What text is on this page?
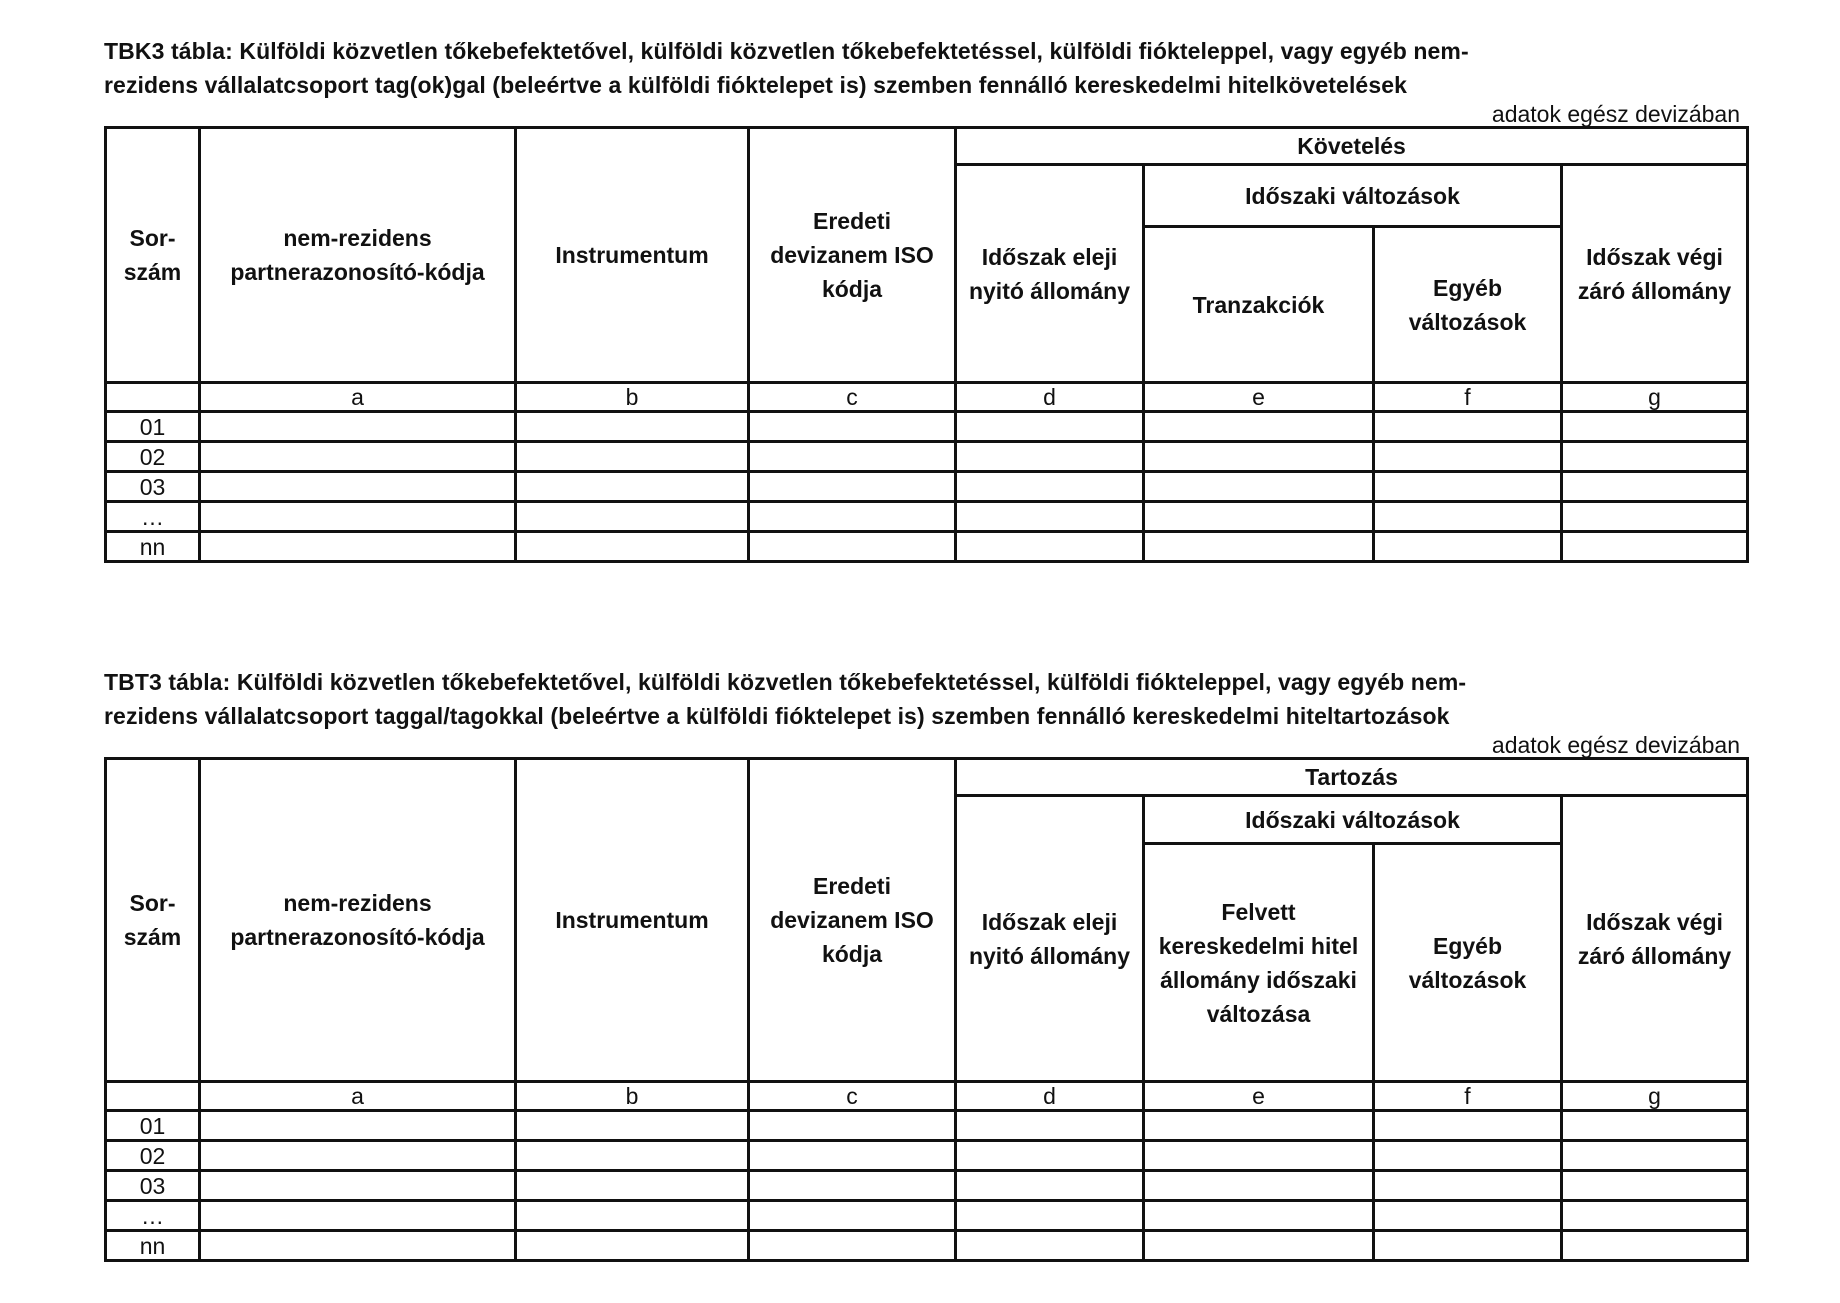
TBK3 tábla: Külföldi közvetlen tőkebefektetővel, külföldi közvetlen tőkebefektetéssel, külföldi fiókteleppel, vagy egyéb nem-

rezidens vállalatcsoport tag(ok)gal (beleértve a külföldi fióktelepet is) szemben fennálló kereskedelmi hitelkövetelések

adatok egész devizában

Sor-szám	nem-rezidens partnerazonosító-kódja	Instrumentum	Eredeti devizanem ISO kódja	Követelés			

				Időszak eleji nyitó állomány	Időszaki változások		Időszak végi záró állomány

					Tranzakciók	Egyéb változások	

	a	b	c	d	e	f	g
01							
02							
03							
…							
nn							

TBT3 tábla: Külföldi közvetlen tőkebefektetővel, külföldi közvetlen tőkebefektetéssel, külföldi fiókteleppel, vagy egyéb nem-

rezidens vállalatcsoport taggal/tagokkal (beleértve a külföldi fióktelepet is) szemben fennálló kereskedelmi hiteltartozások

adatok egész devizában

Sor-szám	nem-rezidens partnerazonosító-kódja	Instrumentum	Eredeti devizanem ISO kódja	Tartozás			

				Időszak eleji nyitó állomány	Időszaki változások		Időszak végi záró állomány

					Felvett kereskedelmi hitel állomány időszaki változása	Egyéb változások	

	a	b	c	d	e	f	g
01							
02							
03							
…							
nn							
